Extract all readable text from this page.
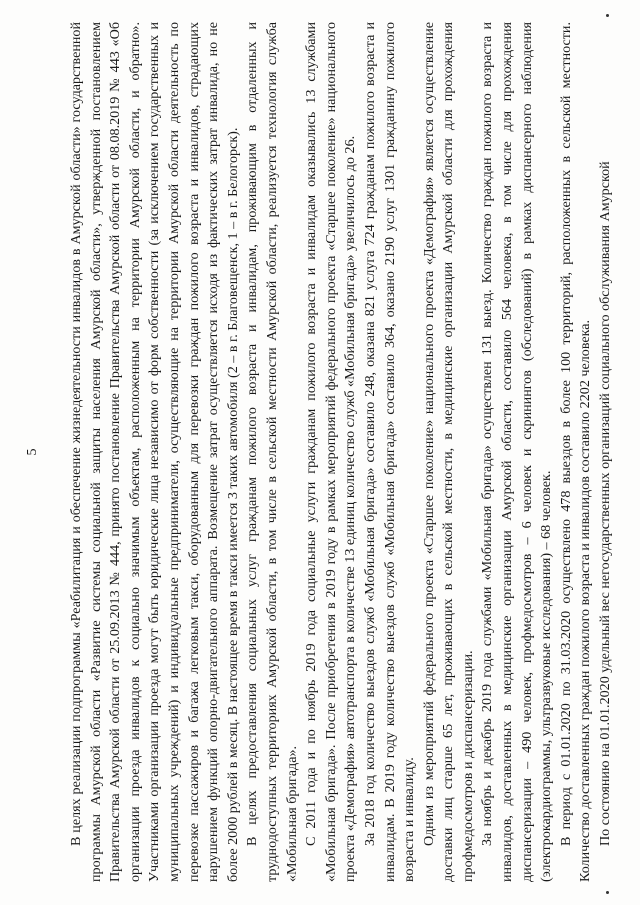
5 В целях реализации подпрограммы «Реабилитация и обеспечение жизнедеятельности инвалидов в Амурской области» государственной программы Амурской области «Развитие системы социальной защиты населения Амурской области», утвержденной постановлением Правительства Амурской области от 25.09.2013 № 444, принято постановление Правительства Амурской области от 08.08.2019 № 443 «Об организации проезда инвалидов к социально значимым объектам, расположенным на территории Амурской области, и обратно». Участниками организации проезда могут быть юридические лица независимо от форм собственности (за исключением государственных и муниципальных учреждений) и индивидуальные предприниматели, осуществляющие на территории Амурской области деятельность по перевозке пассажиров и багажа легковым такси, оборудованным для перевозки граждан пожилого возраста и инвалидов, страдающих нарушением функций опорно-двигательного аппарата. Возмещение затрат осуществляется исходя из фактических затрат инвалида, но не более 2000 рублей в месяц. В настоящее время в такси имеется 3 таких автомобиля (2 – в г. Благовещенск, 1 – в г. Белогорск). В целях предоставления социальных услуг гражданам пожилого возраста и инвалидам, проживающим в отдаленных и труднодоступных территориях Амурской области, в том числе в сельской местности Амурской области, реализуется технология служба «Мобильная бригада». С 2011 года и по ноябрь 2019 года социальные услуги гражданам пожилого возраста и инвалидам оказывались 13 службами «Мобильная бригада». После приобретения в 2019 году в рамках мероприятий федерального проекта «Старшее поколение» национального проекта «Демография» автотранспорта в количестве 13 единиц количество служб «Мобильная бригада» увеличилось до 26. За 2018 год количество выездов служб «Мобильная бригада» составило 248, оказана 821 услуга 724 гражданам пожилого возраста и инвалидам. В 2019 году количество выездов служб «Мобильная бригада» составило 364, оказано 2190 услуг 1301 гражданину пожилого возраста и инвалиду. Одним из мероприятий федерального проекта «Старшее поколение» национального проекта «Демография» является осуществление доставки лиц старше 65 лет, проживающих в сельской местности, в медицинские организации Амурской области для прохождения профмедосмотров и диспансеризации. За ноябрь и декабрь 2019 года службами «Мобильная бригада» осуществлен 131 выезд. Количество граждан пожилого возраста и инвалидов, доставленных в медицинские организации Амурской области, составило 564 человека, в том числе для прохождения диспансеризации – 490 человек, профмедосмотров – 6 человек и скринингов (обследований) в рамках диспансерного наблюдения (электрокардиограммы, ультразвуковые исследования) – 68 человек. В период с 01.01.2020 по 31.03.2020 осуществлено 478 выездов в более 100 территорий, расположенных в сельской местности. Количество доставленных граждан пожилого возраста и инвалидов составило 2202 человека. По состоянию на 01.01.2020 удельный вес негосударственных организаций социального обслуживания Амурской
